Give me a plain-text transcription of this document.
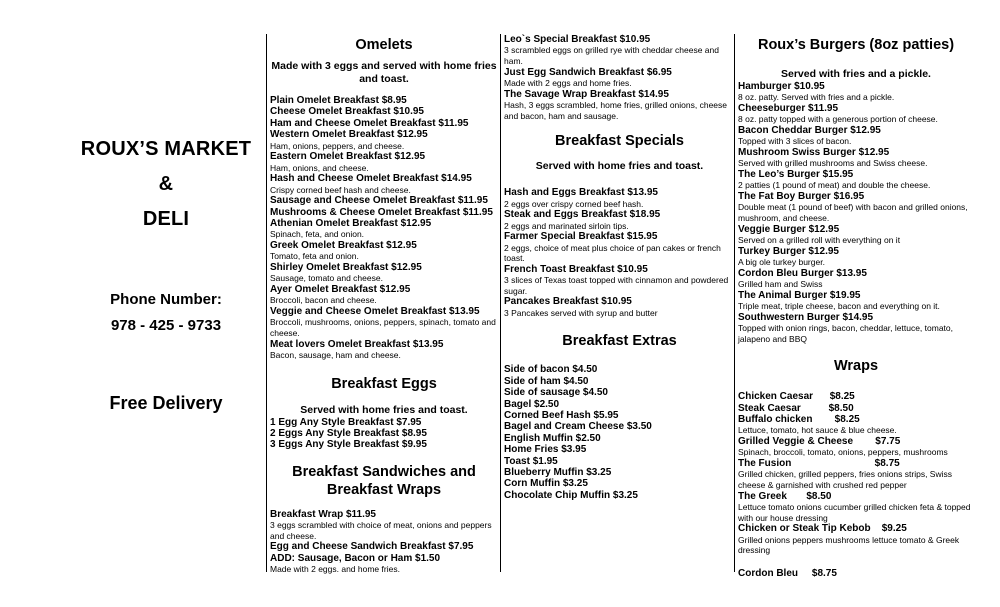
ROUX’S MARKET
&
DELI
Phone Number:
978 - 425 - 9733
Free Delivery
Omelets
Made with 3 eggs and served with home fries and toast.
Plain Omelet Breakfast $8.95
Cheese Omelet Breakfast $10.95
Ham and Cheese Omelet Breakfast $11.95
Western Omelet Breakfast $12.95
Ham, onions, peppers, and cheese.
Eastern Omelet Breakfast $12.95
Ham, onions, and cheese.
Hash and Cheese Omelet Breakfast $14.95
Crispy corned beef hash and cheese.
Sausage and Cheese Omelet Breakfast $11.95
Mushrooms & Cheese Omelet Breakfast $11.95
Athenian Omelet Breakfast $12.95
Spinach, feta, and onion.
Greek Omelet Breakfast $12.95
Tomato, feta and onion.
Shirley Omelet Breakfast $12.95
Sausage, tomato and cheese.
Ayer Omelet Breakfast $12.95
Broccoli, bacon and cheese.
Veggie and Cheese Omelet Breakfast $13.95
Broccoli, mushrooms, onions, peppers, spinach, tomato and cheese.
Meat lovers Omelet Breakfast $13.95
Bacon, sausage, ham and cheese.
Breakfast Eggs
Served with home fries and toast.
1 Egg Any Style Breakfast $7.95
2 Eggs Any Style Breakfast $8.95
3 Eggs Any Style Breakfast $9.95
Breakfast Sandwiches and
Breakfast Wraps
Breakfast Wrap $11.95
3 eggs scrambled with choice of meat, onions and peppers and cheese.
Egg and Cheese Sandwich Breakfast $7.95
ADD: Sausage, Bacon or Ham $1.50
Made with 2 eggs. and home fries.
Leo`s Special Breakfast $10.95
3 scrambled eggs on grilled rye with cheddar cheese and ham.
Just Egg Sandwich Breakfast $6.95
Made with 2 eggs and home fries.
The Savage Wrap Breakfast $14.95
Hash, 3 eggs scrambled, home fries, grilled onions, cheese and bacon, ham and sausage.
Breakfast Specials
Served with home fries and toast.
Hash and Eggs Breakfast $13.95
2 eggs over crispy corned beef hash.
Steak and Eggs Breakfast $18.95
2 eggs and marinated sirloin tips.
Farmer Special Breakfast $15.95
2 eggs, choice of meat plus choice of pan cakes or french toast.
French Toast Breakfast $10.95
3 slices of Texas toast topped with cinnamon and powdered sugar.
Pancakes Breakfast $10.95
3 Pancakes served with syrup and butter
Breakfast Extras
Side of bacon $4.50
Side of ham $4.50
Side of sausage $4.50
Bagel $2.50
Corned Beef Hash $5.95
Bagel and Cream Cheese $3.50
English Muffin $2.50
Home Fries $3.95
Toast $1.95
Blueberry Muffin $3.25
Corn Muffin $3.25
Chocolate Chip Muffin $3.25
Roux’s Burgers (8oz patties)
Served with fries and a pickle.
Hamburger $10.95
8 oz. patty. Served with fries and a pickle.
Cheeseburger $11.95
8 oz. patty topped with a generous portion of cheese.
Bacon Cheddar Burger $12.95
Topped with 3 slices of bacon.
Mushroom Swiss Burger $12.95
Served with grilled mushrooms and Swiss cheese.
The Leo’s Burger $15.95
2 patties (1 pound of meat) and double the cheese.
The Fat Boy Burger $16.95
Double meat (1 pound of beef) with bacon and grilled onions, mushroom, and cheese.
Veggie Burger $12.95
Served on a grilled roll with everything on it
Turkey Burger $12.95
A big ole turkey burger.
Cordon Bleu Burger $13.95
Grilled ham and Swiss
The Animal Burger $19.95
Triple meat, triple cheese, bacon and everything on it.
Southwestern Burger $14.95
Topped with onion rings, bacon, cheddar, lettuce, tomato, jalapeno and BBQ
Wraps
Chicken Caesar      $8.25
Steak Caesar          $8.50
Buffalo chicken        $8.25
Lettuce, tomato, hot sauce & blue cheese.
Grilled Veggie & Cheese        $7.75
Spinach, broccoli, tomato, onions, peppers, mushrooms
The Fusion                              $8.75
Grilled chicken, grilled peppers, fries onions strips, Swiss cheese & garnished with crushed red pepper
The Greek       $8.50
Lettuce tomato onions cucumber grilled chicken feta & topped with our house dressing
Chicken or Steak Tip Kebob    $9.25
Grilled onions peppers mushrooms lettuce tomato & Greek dressing
Cordon Bleu     $8.75
